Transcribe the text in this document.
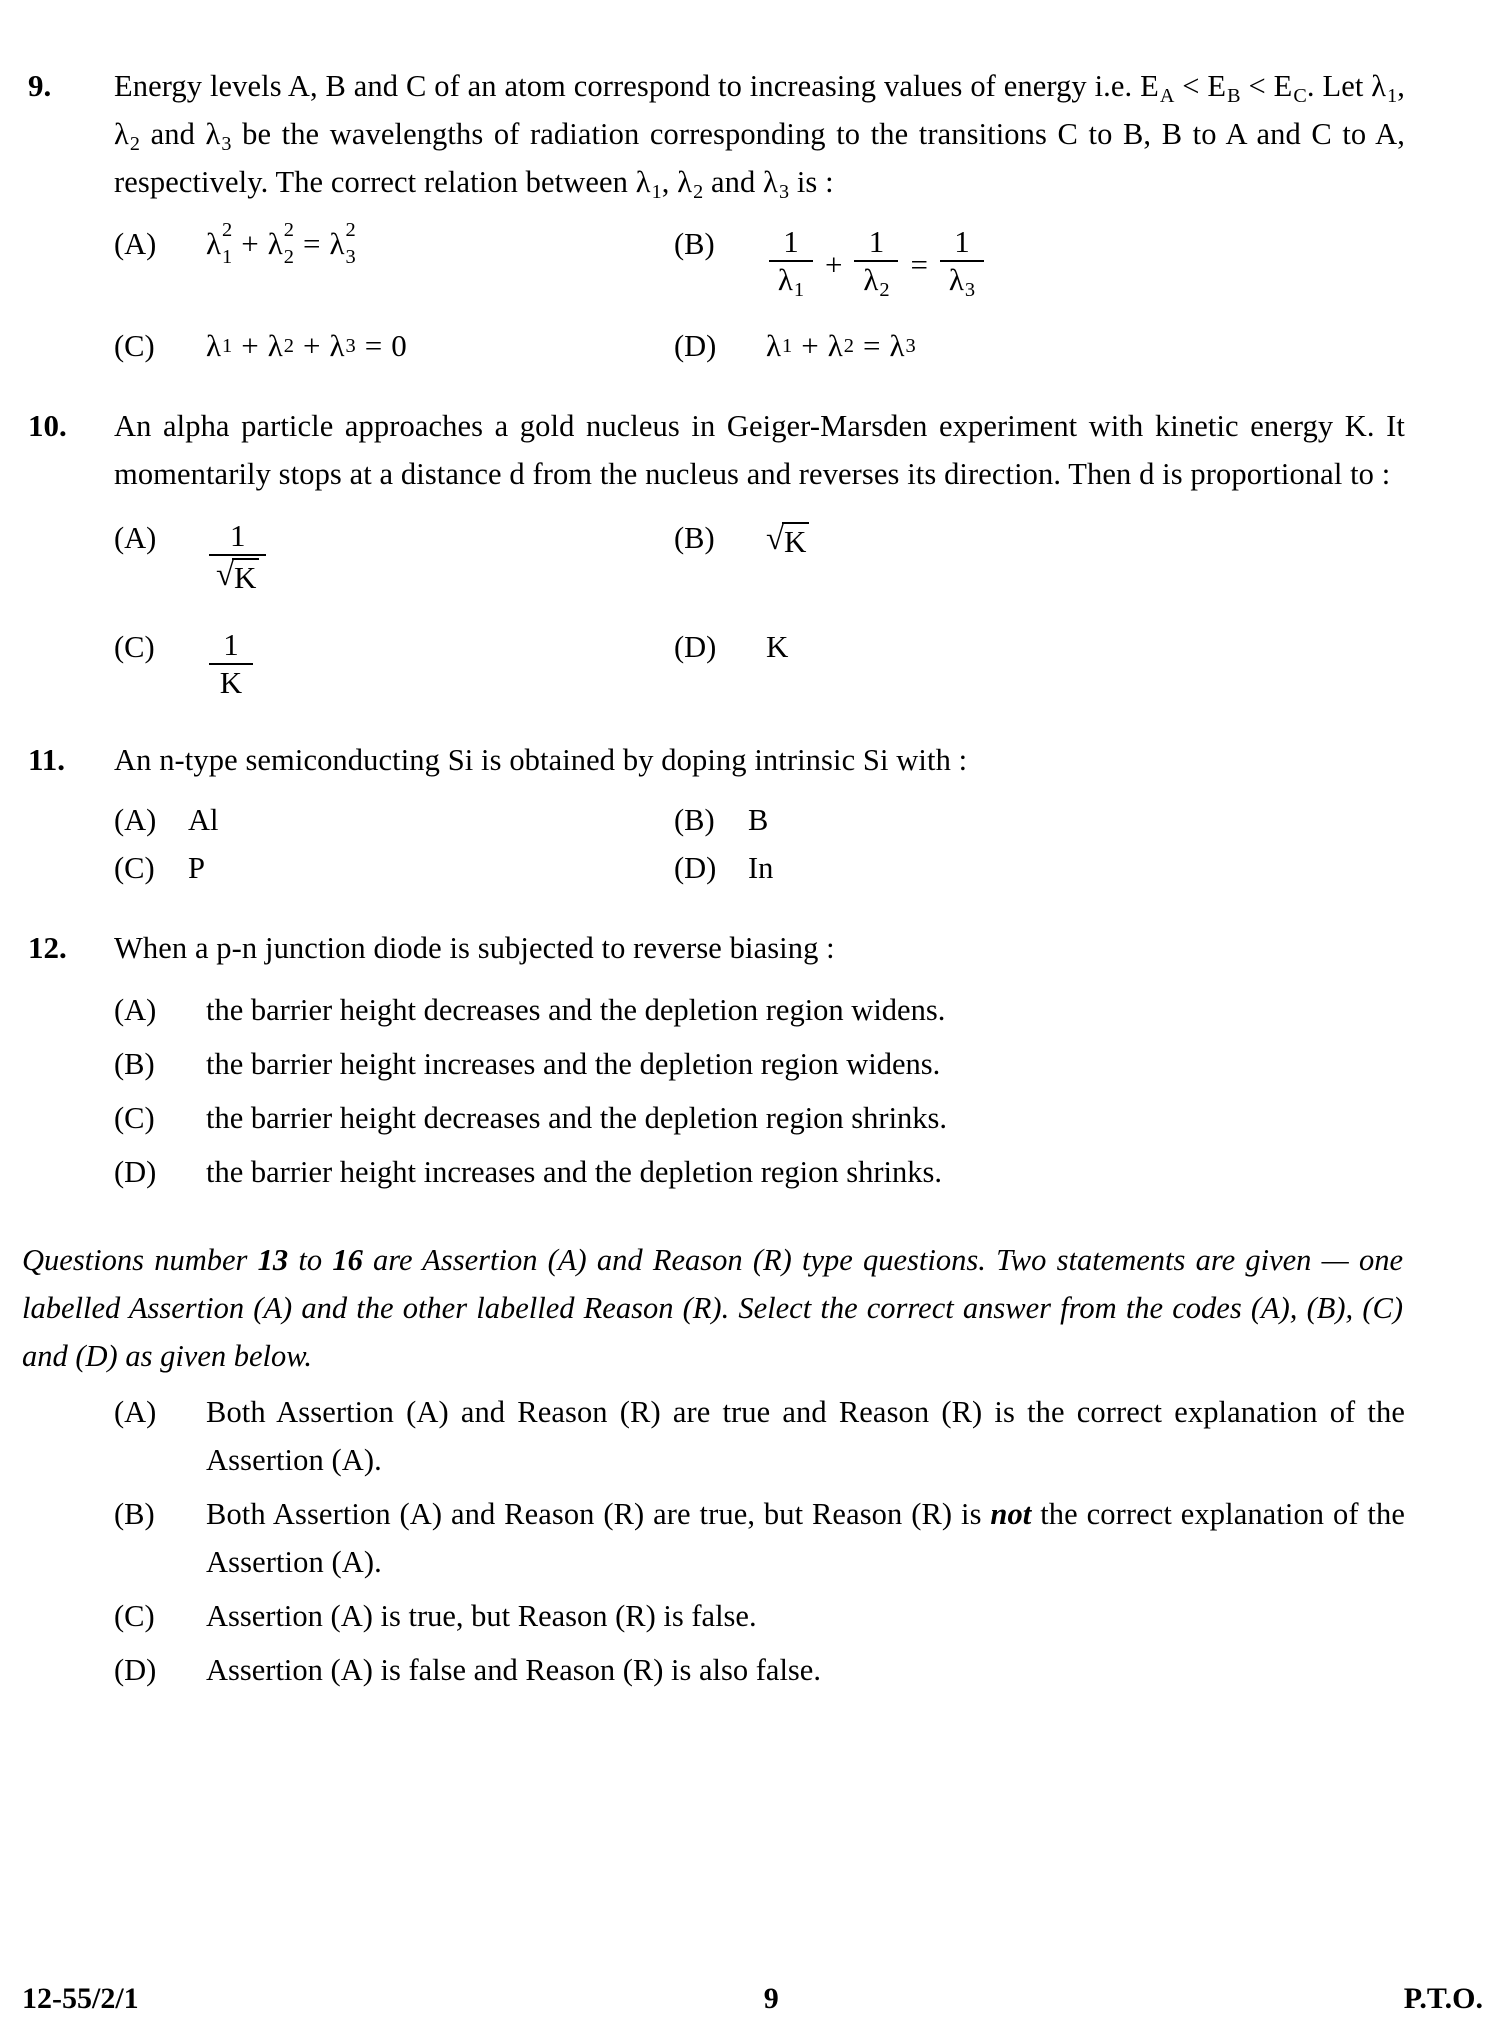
9.	Energy levels A, B and C of an atom correspond to increasing values of energy i.e. EA < EB < EC. Let λ1, λ2 and λ3 be the wavelengths of radiation corresponding to the transitions C to B, B to A and C to A, respectively. The correct relation between λ1, λ2 and λ3 is :
(A)	λ 2
1 + λ 2
2 = λ 2
3	(B)	$\frac{1}{\lambda 1} + \frac{1}{\lambda 2} = \frac{1}{\lambda 3}$
(C)	λ 1 + λ 2 + λ 3 = 0	(D)	λ 1 + λ 2 = λ 3
10.	An alpha particle approaches a gold nucleus in Geiger-Marsden experiment with kinetic energy K. It momentarily stops at a distance d from the nucleus and reverses its direction. Then d is proportional to :
(A)	$\frac{1}{√ K}$	(B)	√ K
(C)	$\frac{1}{K}$	(D)	K
11.	An n-type semiconducting Si is obtained by doping intrinsic Si with :
(A)	Al	(B)	B
(C)	P	(D)	In
12.	When a p-n junction diode is subjected to reverse biasing :
(A)	the barrier height decreases and the depletion region widens.
(B)	the barrier height increases and the depletion region widens.
(C)	the barrier height decreases and the depletion region shrinks.
(D)	the barrier height increases and the depletion region shrinks.
Questions number 13 to 16 are Assertion (A) and Reason (R) type questions. Two statements are given — one labelled Assertion (A) and the other labelled Reason (R). Select the correct answer from the codes (A), (B), (C) and (D) as given below.
(A)	Both Assertion (A) and Reason (R) are true and Reason (R) is the correct explanation of the Assertion (A).
(B)	Both Assertion (A) and Reason (R) are true, but Reason (R) is not the correct explanation of the Assertion (A).
(C)	Assertion (A) is true, but Reason (R) is false.
(D)	Assertion (A) is false and Reason (R) is also false.
12-55/2/1	9	P.T.O.
